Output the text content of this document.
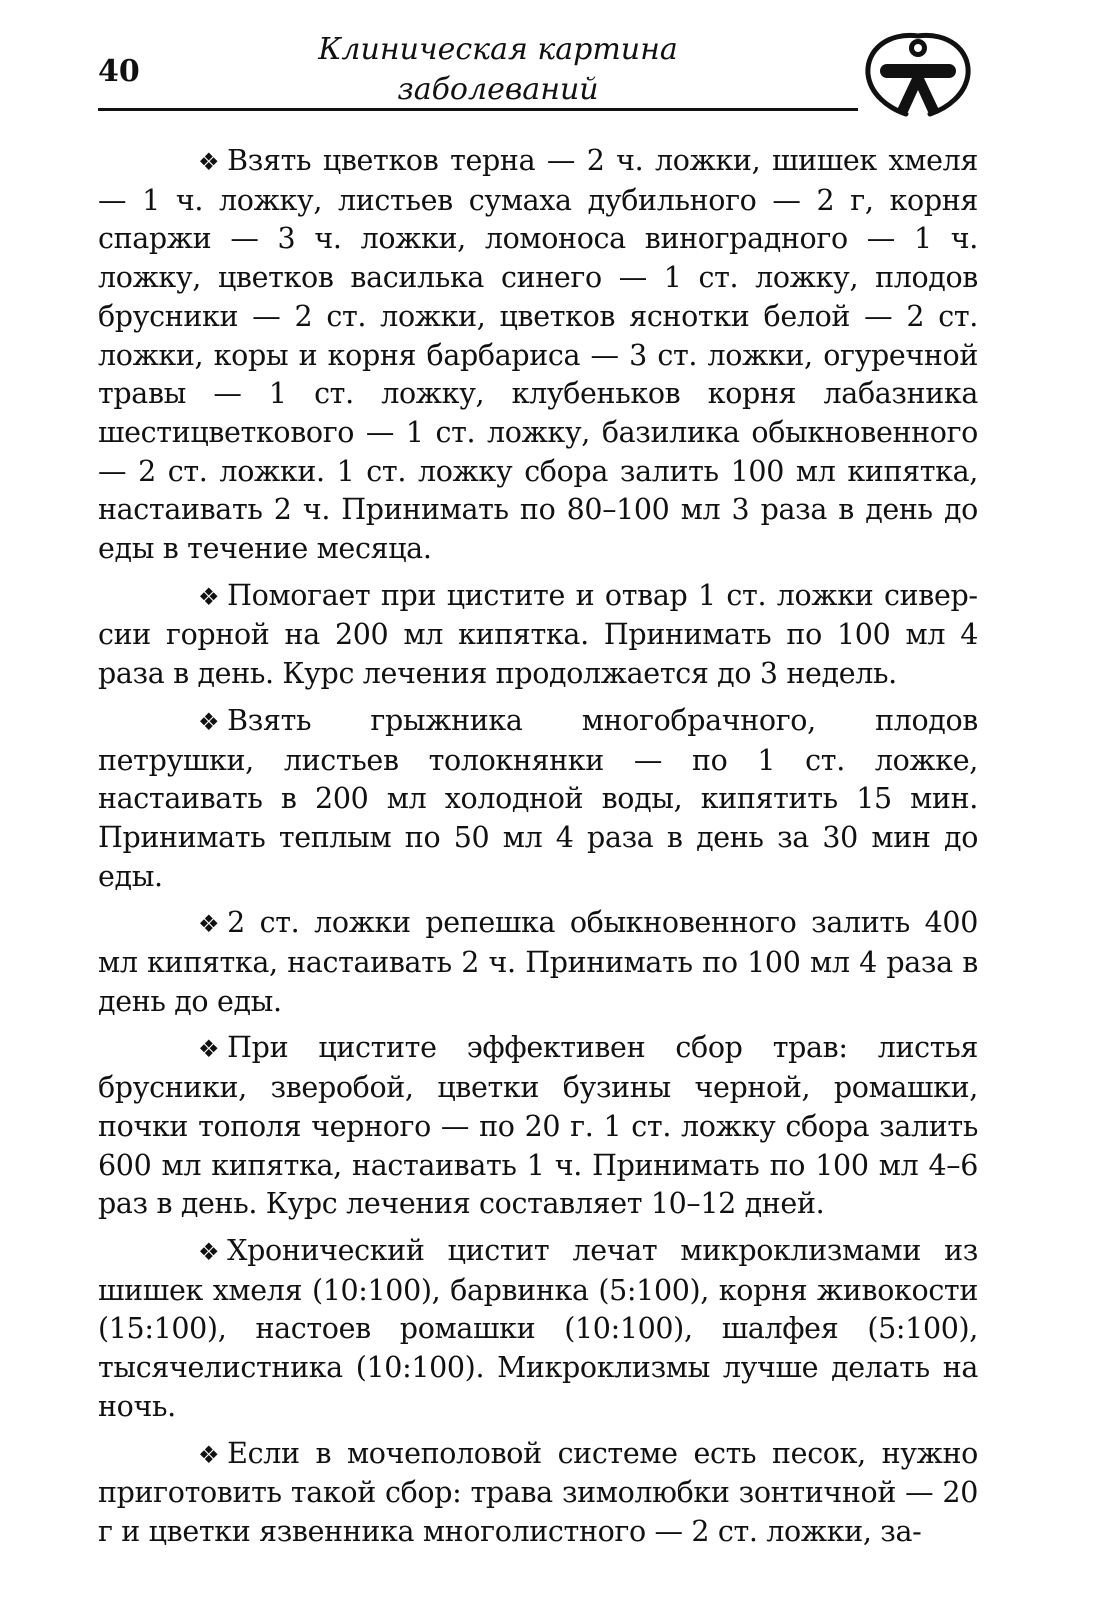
40
Клиническая картина
заболеваний

❖ Взять цветков терна — 2 ч. ложки, шишек хмеля — 1 ч. ложку, листьев сумаха дубильного — 2 г, корня спаржи — 3 ч. ложки, ломоноса виноградного — 1 ч. ложку, цветков василька синего — 1 ст. ложку, плодов брусники — 2 ст. ложки, цветков яснотки белой — 2 ст. ложки, коры и корня барбариса — 3 ст. ложки, огуречной травы — 1 ст. ложку, клубеньков корня лабазника шестицветкового — 1 ст. ложку, базилика обыкновенного — 2 ст. ложки. 1 ст. ложку сбора залить 100 мл кипятка, настаивать 2 ч. Принимать по 80–100 мл 3 раза в день до еды в течение месяца.

❖ Помогает при цистите и отвар 1 ст. ложки сиверсии горной на 200 мл кипятка. Принимать по 100 мл 4 раза в день. Курс лечения продолжается до 3 недель.

❖ Взять грыжника многобрачного, плодов петрушки, листьев толокнянки — по 1 ст. ложке, настаивать в 200 мл холодной воды, кипятить 15 мин. Принимать теплым по 50 мл 4 раза в день за 30 мин до еды.

❖ 2 ст. ложки репешка обыкновенного залить 400 мл кипятка, настаивать 2 ч. Принимать по 100 мл 4 раза в день до еды.

❖ При цистите эффективен сбор трав: листья брусники, зверобой, цветки бузины черной, ромашки, почки тополя черного — по 20 г. 1 ст. ложку сбора залить 600 мл кипятка, настаивать 1 ч. Принимать по 100 мл 4–6 раз в день. Курс лечения составляет 10–12 дней.

❖ Хронический цистит лечат микроклизмами из шишек хмеля (10:100), барвинка (5:100), корня живокости (15:100), настоев ромашки (10:100), шалфея (5:100), тысячелистника (10:100). Микроклизмы лучше делать на ночь.

❖ Если в мочеполовой системе есть песок, нужно приготовить такой сбор: трава зимолюбки зонтичной — 20 г и цветки язвенника многолистного — 2 ст. ложки, за-
